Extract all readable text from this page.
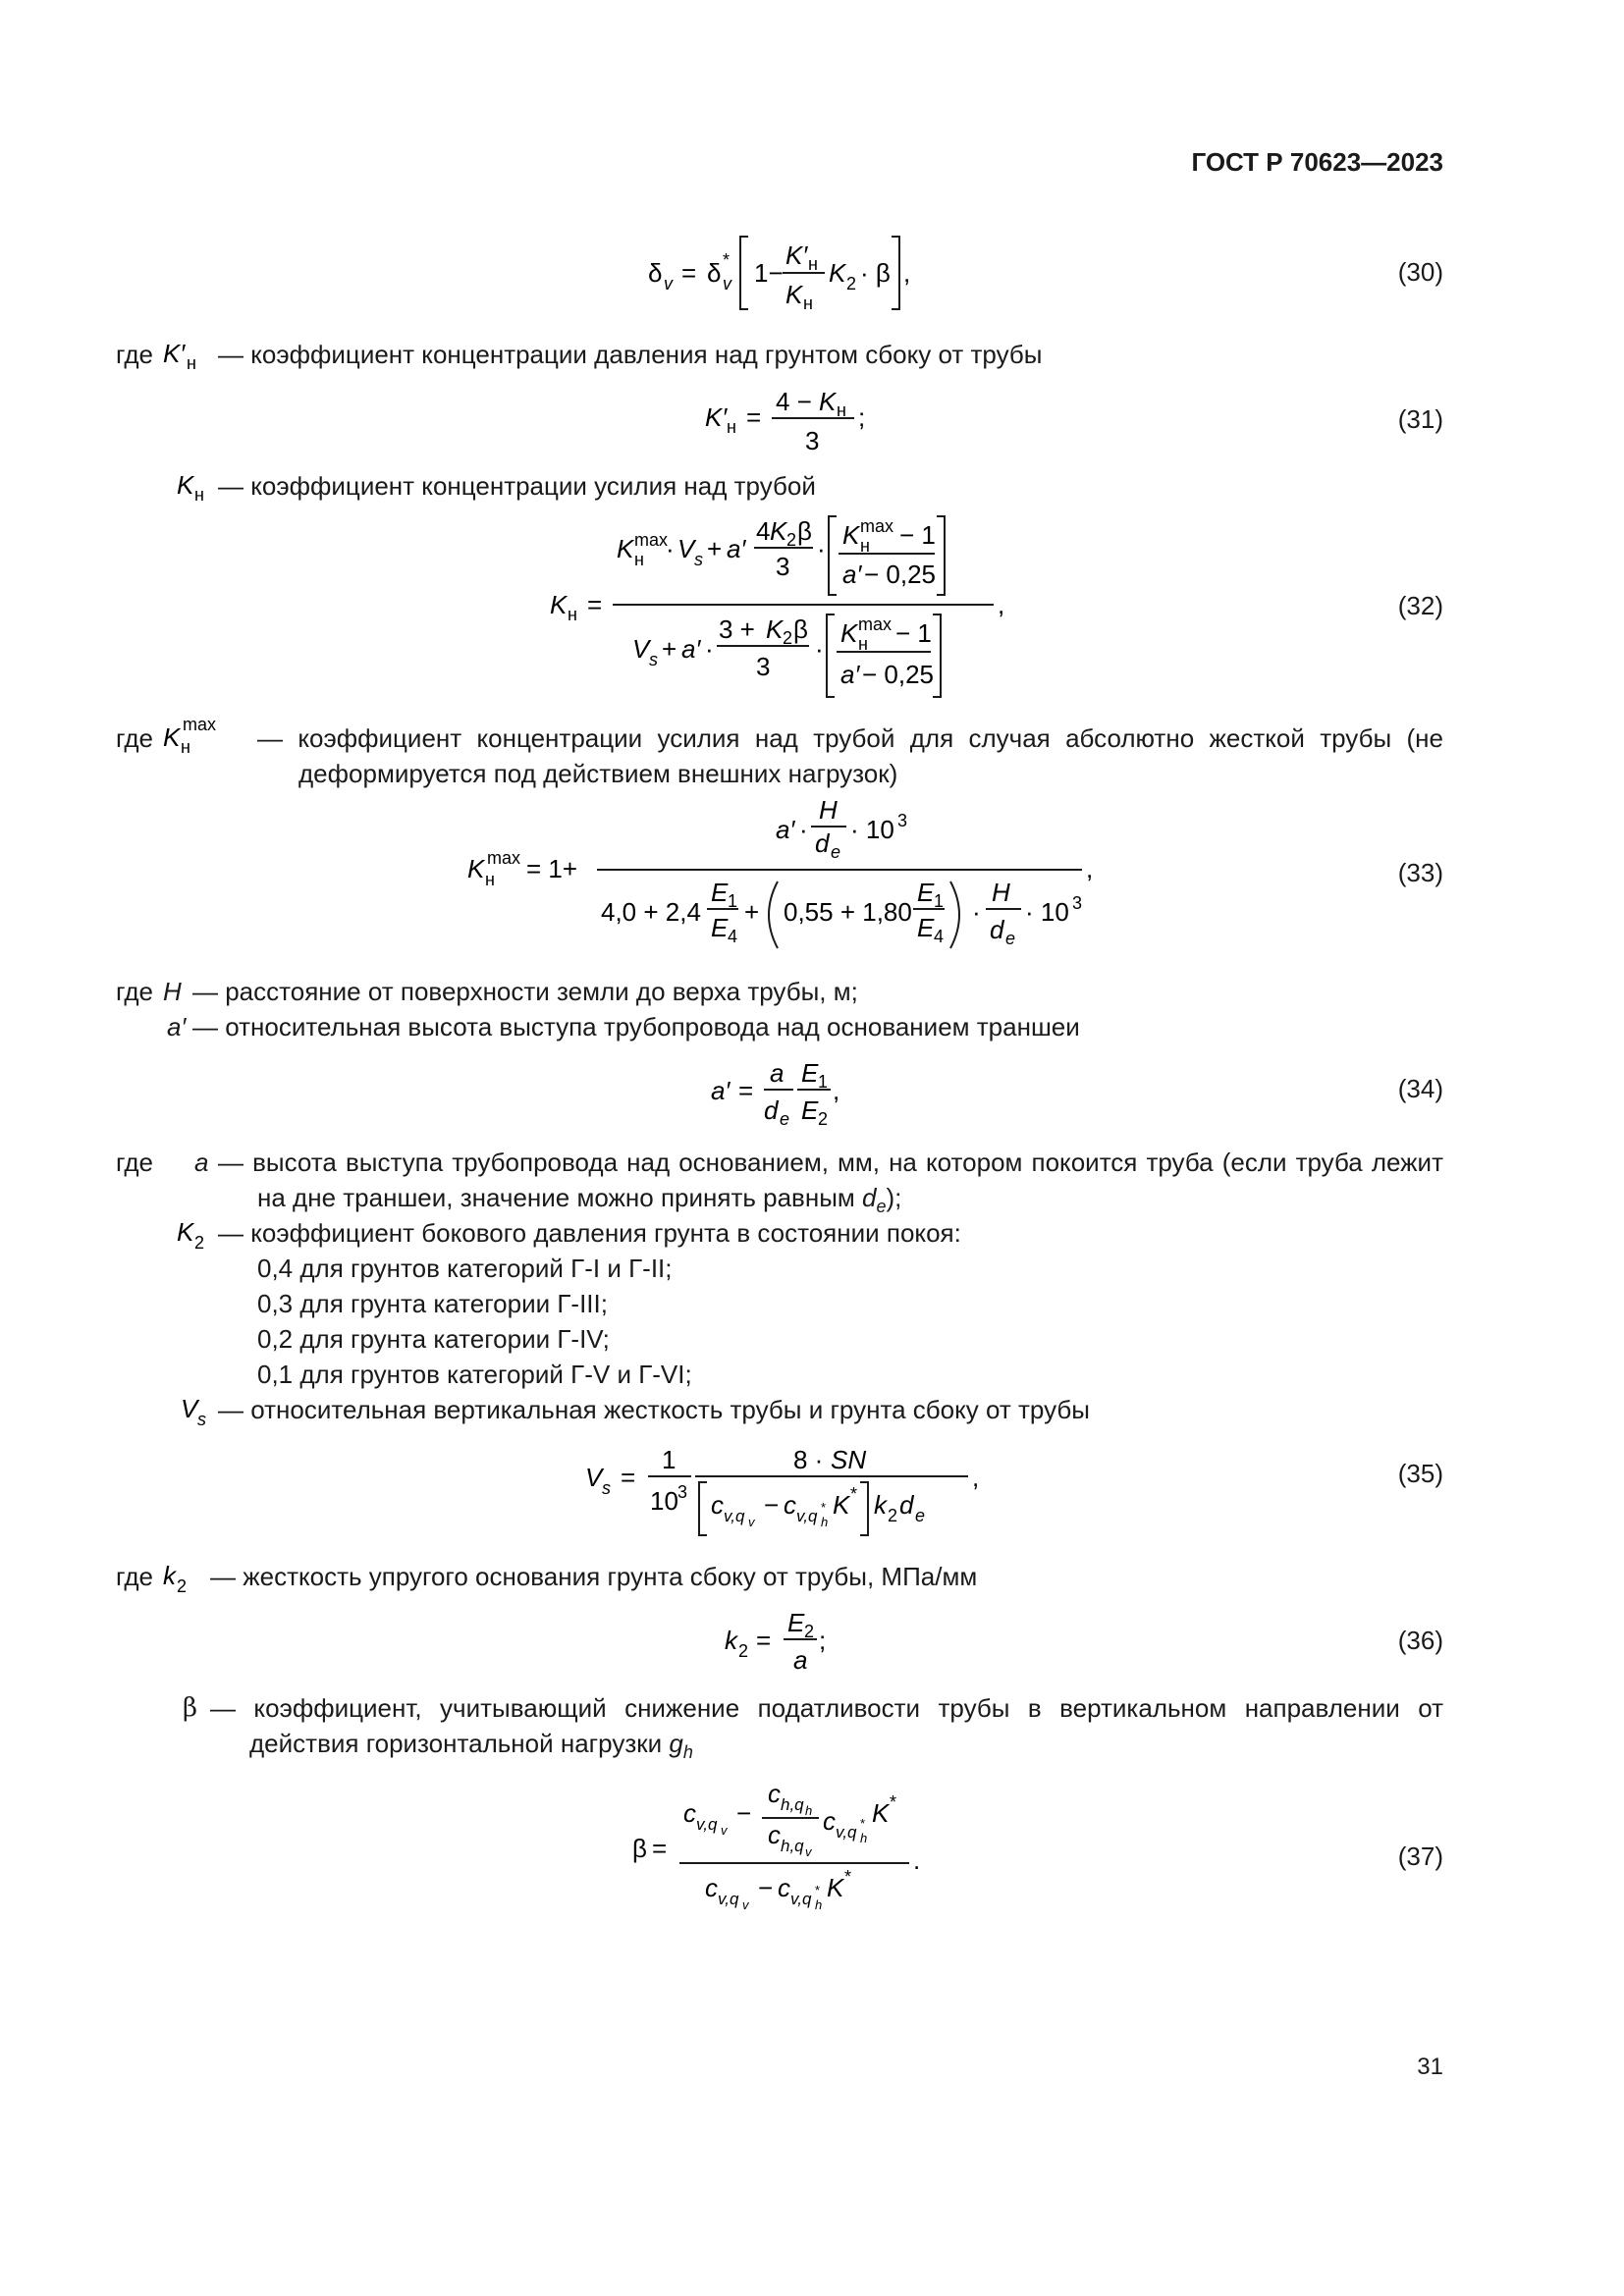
ГОСТ Р 70623—2023
δ v = δ v
* 1−
K′ н
K н
K 2 · β ,	(30)
где K′ н — коэффициент концентрации давления над грунтом сбоку от трубы
K′ н =
4 − K н
3
;	(31)
K н — коэффициент концентрации усилия над трубой
K н =
K н
max
· V s + a′
4 K 2 β
3
· K н
max − 1
a′ − 0,25
,
V s + a′ ·
3 + K 2 β
3
·
K н
max − 1
a′ − 0,25
(32)
где K н
max — коэффициент концентрации усилия над трубой для случая абсолютно жесткой трубы (не деформируется под действием внешних нагрузок)
K н
max = 1+
a′ ·
H
d e
· 10 3
,
4,0 + 2,4
E 1
E 4
+ 0,55 + 1,80
E 1
E 4
·
H
d e
· 10 3
(33)
где H — расстояние от поверхности земли до верха трубы, м;
a′ — относительная высота выступа трубопровода над основанием траншеи
a′ =
a
d e
E 1
E 2
,	(34)
где a — высота выступа трубопровода над основанием, мм, на котором покоится труба (если труба лежит на дне траншеи, значение можно принять равным $d_e$);
K 2 — коэффициент бокового давления грунта в состоянии покоя:
0,4 для грунтов категорий Г-I и Г-II;
0,3 для грунта категории Г-III;
0,2 для грунта категории Г-IV;
0,1 для грунтов категорий Г-V и Г-VI;
V s — относительная вертикальная жесткость трубы и грунта сбоку от трубы
V s =
1
10 3
8 · SN
c v,q v
− c v,q h
* K * k 2 d e
,	(35)
где k 2 — жесткость упругого основания грунта сбоку от трубы, МПа/мм
k 2 =
E 2
a
;	(36)
β — коэффициент, учитывающий снижение податливости трубы в вертикальном направлении от действия горизонтальной нагрузки $g_h$
β =
c v,q v
−
c h,q h
c h,q v
c v,q h
* K *
.
c v,q v
− c v,q h
* K *
(37)
31
